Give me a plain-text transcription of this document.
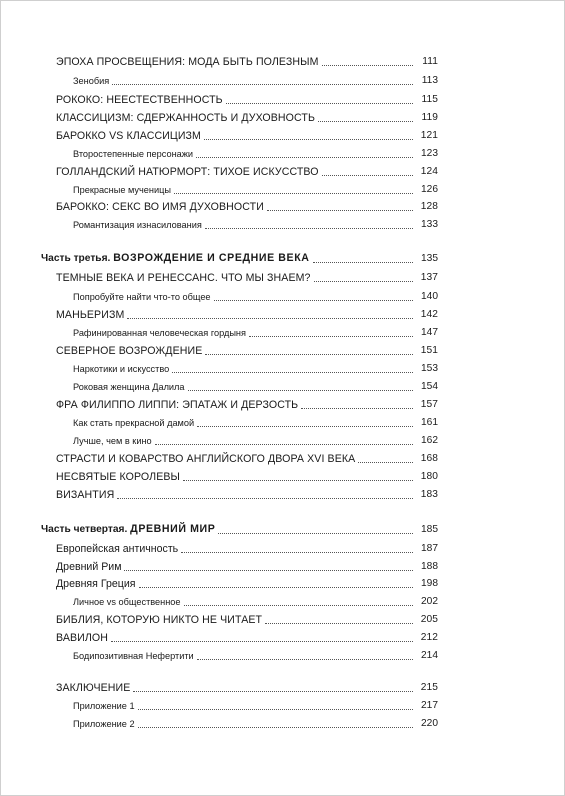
ЭПОХА ПРОСВЕЩЕНИЯ: МОДА БЫТЬ ПОЛЕЗНЫМ	111
Зенобия	113
РОКОКО: НЕЕСТЕСТВЕННОСТЬ	115
КЛАССИЦИЗМ: СДЕРЖАННОСТЬ И ДУХОВНОСТЬ	119
БАРОККО VS КЛАССИЦИЗМ	121
Второстепенные персонажи	123
ГОЛЛАНДСКИЙ НАТЮРМОРТ: ТИХОЕ ИСКУССТВО	124
Прекрасные мученицы	126
БАРОККО: СЕКС ВО ИМЯ ДУХОВНОСТИ	128
Романтизация изнасилования	133
Часть третья. ВОЗРОЖДЕНИЕ И СРЕДНИЕ ВЕКА	135
ТЕМНЫЕ ВЕКА И РЕНЕССАНС. ЧТО МЫ ЗНАЕМ?	137
Попробуйте найти что-то общее	140
МАНЬЕРИЗМ	142
Рафинированная человеческая гордыня	147
СЕВЕРНОЕ ВОЗРОЖДЕНИЕ	151
Наркотики и искусство	153
Роковая женщина Далила	154
ФРА ФИЛИППО ЛИППИ: ЭПАТАЖ И ДЕРЗОСТЬ	157
Как стать прекрасной дамой	161
Лучше, чем в кино	162
СТРАСТИ И КОВАРСТВО АНГЛИЙСКОГО ДВОРА XVI ВЕКА	168
НЕСВЯТЫЕ КОРОЛЕВЫ	180
ВИЗАНТИЯ	183
Часть четвертая. ДРЕВНИЙ МИР	185
Европейская античность	187
Древний Рим	188
Древняя Греция	198
Личное vs общественное	202
БИБЛИЯ, КОТОРУЮ НИКТО НЕ ЧИТАЕТ	205
ВАВИЛОН	212
Бодипозитивная Нефертити	214
ЗАКЛЮЧЕНИЕ	215
Приложение 1	217
Приложение 2	220
